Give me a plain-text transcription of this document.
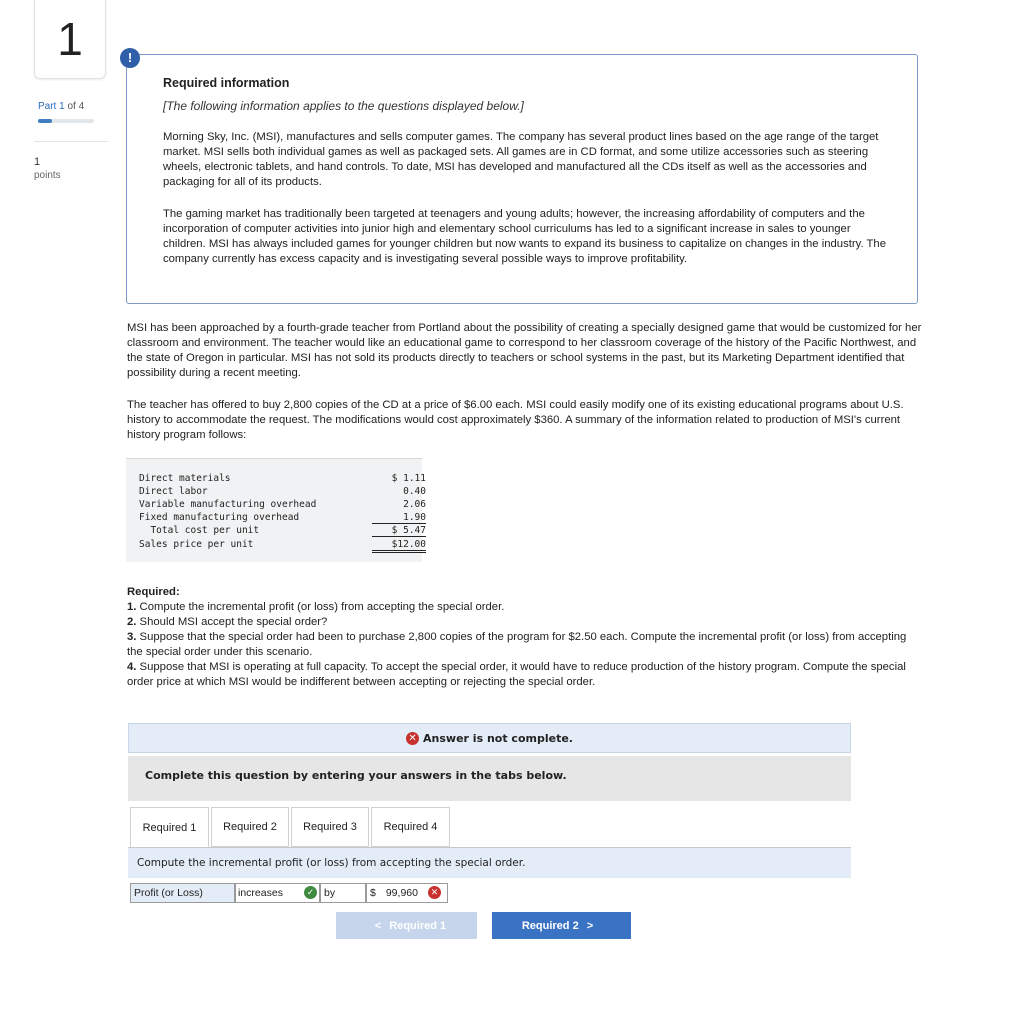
1
Part 1 of 4
1
points
!
Required information
[The following information applies to the questions displayed below.]

Morning Sky, Inc. (MSI), manufactures and sells computer games. The company has several product lines based on the age range of the target market. MSI sells both individual games as well as packaged sets. All games are in CD format, and some utilize accessories such as steering wheels, electronic tablets, and hand controls. To date, MSI has developed and manufactured all the CDs itself as well as the accessories and packaging for all of its products.

The gaming market has traditionally been targeted at teenagers and young adults; however, the increasing affordability of computers and the incorporation of computer activities into junior high and elementary school curriculums has led to a significant increase in sales to younger children. MSI has always included games for younger children but now wants to expand its business to capitalize on changes in the industry. The company currently has excess capacity and is investigating several possible ways to improve profitability.

MSI has been approached by a fourth-grade teacher from Portland about the possibility of creating a specially designed game that would be customized for her classroom and environment. The teacher would like an educational game to correspond to her classroom coverage of the history of the Pacific Northwest, and the state of Oregon in particular. MSI has not sold its products directly to teachers or school systems in the past, but its Marketing Department identified that possibility during a recent meeting.

The teacher has offered to buy 2,800 copies of the CD at a price of $6.00 each. MSI could easily modify one of its existing educational programs about U.S. history to accommodate the request. The modifications would cost approximately $360. A summary of the information related to production of MSI's current history program follows:

Direct materials	$ 1.11
Direct labor	0.40
Variable manufacturing overhead	2.06
Fixed manufacturing overhead	1.90
Total cost per unit	$ 5.47
Sales price per unit	$12.00

Required:

1. Compute the incremental profit (or loss) from accepting the special order.

2. Should MSI accept the special order?

3. Suppose that the special order had been to purchase 2,800 copies of the program for $2.50 each. Compute the incremental profit (or loss) from accepting the special order under this scenario.

4. Suppose that MSI is operating at full capacity. To accept the special order, it would have to reduce production of the history program. Compute the special order price at which MSI would be indifferent between accepting or rejecting the special order.

✕ Answer is not complete.
Complete this question by entering your answers in the tabs below.
Required 1	Required 2	Required 3	Required 4
Compute the incremental profit (or loss) from accepting the special order.
Profit (or Loss)	increases	✓ by	$ 99,960	✕
< Required 1	Required 2 >
